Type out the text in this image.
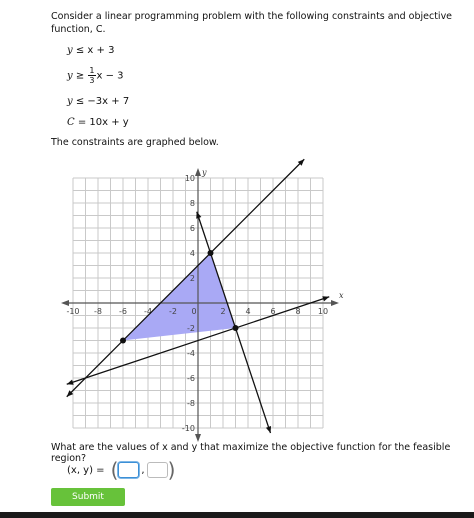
Consider a linear programming problem with the following constraints and objective function, C.
y ≤ x + 3
$y \ge \frac{1}{3}$ x − 3
y ≤ −3x + 7
C = 10x + y
The constraints are graphed below.
x
y
-10 -8 -6 -4 -2 0	2 4 6 8 10
10
8
6
4
2
-2
-4
-6
-8
-10
What are the values of x and y that maximize the objective function for the feasible region?
(x, y) = ( , )
Submit
